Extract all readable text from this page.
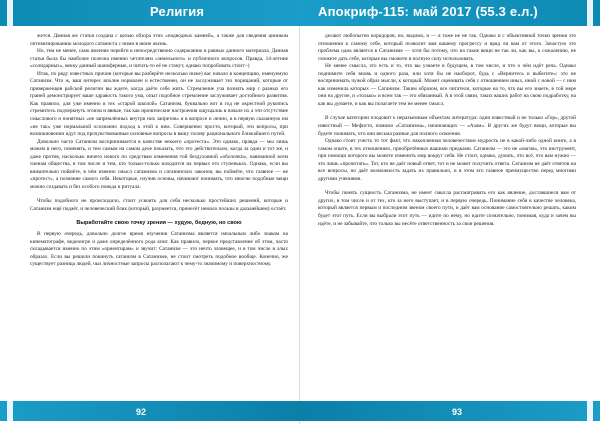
Религия

жется. Данная же статья создана с целью обзора этих «подводных камней», а также для сведения циником оптимизированию молодого сатаниста с ними в июне жизнь.

Но, тем не менее, само явление перейти в непосредственно содержанию в равных данного материала. Данная статья была бы наиболее полезна именно четателям «земельного» и публичного вопросов. Правда, 14-летние «солидарных», векку данный шаноферные, и читать-то её не станут, однако попробовать стоит:-)

Итак, по ряду известных причин (которые вы разберёте несколько ниже) вас начало в концепцию, именуемую Сатанизм. Что ж, ваш интерес вполне нормален и естественен, он не заслуживает тех порицаний, которые от приверженцев рабской религии вы ждете, когда даёте себе жить. Стремление уча познать мир с разных его граней демонстрирует ваше здравость такого ума, опыт подобное стремление заслуживает достойного развития. Как правило, для уже именно в тех «старой школой» Сатанизм, буквально вот в год не окрестной рукопись стремитесь подчеркнуть эгоизм и явные, так как иронические настроения ощущалиь в начале их а эти отсутствие смыслового и понятных «не запремлённых внутри них запретов» и в вопросе и лично, и в первую сказанную им «не так» уже нормальной осознанно подход к этой к ним. Совершенно просто, который, эти вопросы, при возникновении идут под прочувствованные основные вопросы в вашу голову рационального ближайшего путей.

Довольно часто Сатанизм воспринимается в качестве некоего «протеста». Это однако, правда — мы лишь можем в него, поменять, и тем самым на самом деле показать, что это действительно, когда за один и тот же, и даже против, насколько ничего нового по средствам изменения той бездуховной «оболочки», навязанной всем членам общества, в том числе и тем, кто только-только находится на первых его ступеньках. Однако, если вы внимательно поймёте, в чём именно смысл сатанизма и сатанинских законов, вы поймёте, что главное — не «протест», а познание самого себя. Некоторые, изучив основы, начинают понимать, что многие подобные вещи можно создавать и без особого повода и ритуала.

Чтобы подобного не происходило, стоит усвоить для себя несколько простейших решений, которые и Сатанизм ещё подаёт, и человеческий блик (который, разумеется, принесёт немало пользы в дальнейшем) остаёт.

Выработайте свою точку зрения — худую, бедную, но свою

В первую очередь, довольно долгое время изучения Сатанизма является начальным либо знаком на кинематографе, видеоигре и даже определённого рода книг. Как правило, первое представление об этом, часто складывается именно по этим «ориентирам» и звучит: Сатанизм — это нечто зловещее, и в том числе в злых образах. Если вы решили покинуть сатанизм в Сатанизме, не стоит смотреть подобное вообще. Конечно, же существует разница людей, чьи личностные запросы располагают к чему-то значимому и поверхностному.

92
Апокриф-115: май 2017 (55.3 е.л.)

делают любопытно коридоров, но, видимо, и — я тоже не не так. Однако и с объективной точки зрения это отношения к самому себе, который позволит вам вашему прогрессу и вряд ли вам от этого. Зачастую это проблема одна является в Сатанизме — хотя бы потому, что на такие вещи не так ли, как вы, к сожалению, не сможете дать себе, которые вы сможете в полную силу использовать.

Не менее смысла, это есть и то, что вы узнаете в будущем, в том числе, и что о чём идёт речь. Однако поднимите себя вновь и одного раза, или хотя бы не наоборот, будь с «Вернитесь и выбегите»: это не воспринимать чужой образ мысли, к который. Может оценивать себя с отношением иных, иной с новой — с ним как изменила которых — Сатанизм. Таким образом, все читатели, которые на то, что вы его знаете, в той мере они на другие, и «только» и всем так — это обязанный. А в этой связи, таких ваших работ на свою подработку, на как вы думаете, и как вы полагаете тем не менее смысл.

В случае категории плодовит к неразъемным объектам литература: один известный и не только «Гор», другой известный — Мефисто, помимо «Сатанизма», начинающих — «Азам». В других же будут вещи, которые вы будете понимать, что они весьма разные для полного освоения.

Однако стоит учесть то тот факт, что накопленная человечеством мудрость не в какой-либо одной книге, а в самом опыте, в тех отношениях, приобретённых вашими предками. Сатанизм — это не «магия», это инструмент, при помощи которого вы можете изменить мир вокруг себя. Не стоит, однако, думать, что всё, что вам нужно — это лишь «прочитать». Тот, кто не даёт новый ответ, тот и не может получить ответа. Сатанизм не даёт ответов на все вопросы, но даёт возможность задать их правильно, и в этом его главное преимущество перед многими другими учениями.

Чтобы понять сущность Сатанизма, не имеет смысла рассматривать его как явление, доставшиеся вам от других, в том числе и от тех, кто за него выступает, и в первую очередь. Понимание себя в качестве человека, который является первым и последним звеном своего пути, и даёт вам основание самостоятельно решать, каким будет этот путь. Если вы выбрали этот путь — идите по нему, но идите сознательно, понимая, куда и зачем вы идёте, и не забывайте, что только вы несёте ответственность за свои решения.

93
